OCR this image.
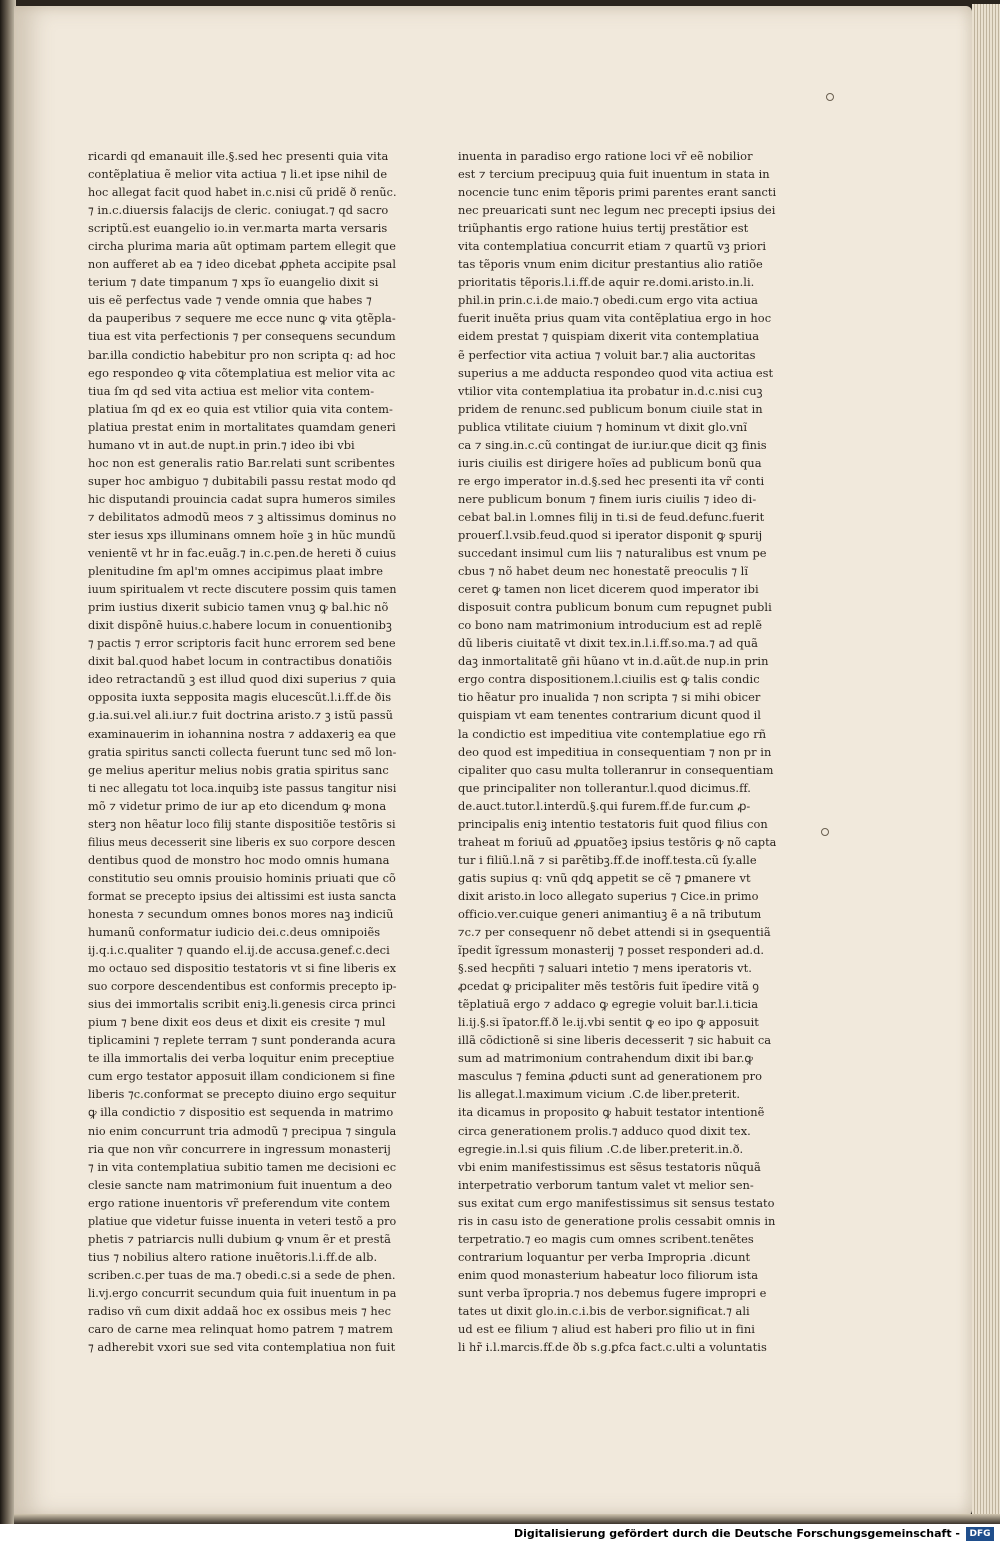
ricardi qd emanauit ille.§.sed hec presenti quia vita
contẽplatiua ẽ melior vita actiua ⁊ li.et ipse nihil de
hoc allegat facit quod habet in.c.nisi cũ pridẽ ð renũc.
⁊ in.c.diuersis falacijs de cleric. coniugat.⁊ qd sacro
scriptũ.est euangelio io.in ver.marta marta versaris
circha plurima maria aũt optimam partem ellegit que
non aufferet ab ea ⁊ ideo dicebat ꝓpheta accipite psal
terium ⁊ date timpanum ⁊ xps ĩo euangelio dixit si
uis eẽ perfectus vade ⁊ vende omnia que habes ⁊
da pauperibus ⁊ sequere me ecce nunc ꝙ vita ꝯtẽpla-
tiua est vita perfectionis ⁊ per consequens secundum
bar.illa condictio habebitur pro non scripta q: ad hoc
ego respondeo ꝙ vita cõtemplatiua est melior vita ac
tiua ſm qd sed vita actiua est melior vita contem-
platiua ſm qd ex eo quia est vtilior quia vita contem-
platiua prestat enim in mortalitates quamdam generi
humano vt in aut.de nupt.in prin.⁊ ideo ibi vbi
hoc non est generalis ratio Bar.relati sunt scribentes
super hoc ambiguo ⁊ dubitabili passu restat modo qd
hic disputandi prouincia cadat supra humeros similes
⁊ debilitatos admodũ meos ⁊ ꝫ altissimus dominus no
ster iesus xps illuminans omnem hoĩe ꝫ in hũc mundũ
venientẽ vt hr in fac.euãg.⁊ in.c.pen.de hereti ð cuius
plenitudine ſm apl'm omnes accipimus plaat imbre
iuum spiritualem vt recte discutere possim quis tamen
prim iustius dixerit subicio tamen vnuꝫ ꝙ bal.hic nõ
dixit dispõnẽ huius.c.habere locum in conuentionibꝫ
⁊ pactis ⁊ error scriptoris facit hunc errorem sed bene
dixit bal.quod habet locum in contractibus donatiõis
ideo retractandũ ꝫ est illud quod dixi superius ⁊ quia
opposita iuxta sepposita magis elucescũt.l.i.ff.de ðis
g.ia.sui.vel ali.iur.⁊ fuit doctrina aristo.⁊ ꝫ istũ passũ
examinauerim in iohannina nostra ⁊ addaxeriꝫ ea que
gratia spiritus sancti collecta fuerunt tunc sed mõ lon-
ge melius aperitur melius nobis gratia spiritus sanc
ti nec allegatu tot loca.inquibꝫ iste passus tangitur nisi
mõ ⁊ videtur primo de iur ap eto dicendum ꝙ mona
sterꝫ non hẽatur loco filij stante dispositiõe testõris si
filius meus decesserit sine liberis ex suo corpore descen
dentibus quod de monstro hoc modo omnis humana
constitutio seu omnis prouisio hominis priuati que cõ
format se precepto ipsius dei altissimi est iusta sancta
honesta ⁊ secundum omnes bonos mores naꝫ indiciũ
humanũ conformatur iudicio dei.c.deus omnipoiẽs
ij.q.i.c.qualiter ⁊ quando el.ij.de accusa.genef.c.deci
mo octauo sed dispositio testatoris vt si fine liberis ex
suo corpore descendentibus est conformis precepto ip-
sius dei immortalis scribit eniꝫ.li.genesis circa princi
pium ⁊ bene dixit eos deus et dixit eis cresite ⁊ mul
tiplicamini ⁊ replete terram ⁊ sunt ponderanda acura
te illa immortalis dei verba loquitur enim preceptiue
cum ergo testator apposuit illam condicionem si fine
liberis ⁊c.conformat se precepto diuino ergo sequitur
ꝙ illa condictio ⁊ dispositio est sequenda in matrimo
nio enim concurrunt tria admodũ ⁊ precipua ⁊ singula
ria que non vñr concurrere in ingressum monasterij
⁊ in vita contemplatiua subitio tamen me decisioni ec
clesie sancte nam matrimonium fuit inuentum a deo
ergo ratione inuentoris vr̃ preferendum vite contem
platiue que videtur fuisse inuenta in veteri testõ a pro
phetis ⁊ patriarcis nulli dubium ꝙ vnum ẽr et prestã
tius ⁊ nobilius altero ratione inuẽtoris.l.i.ff.de alb.
scriben.c.per tuas de ma.⁊ obedi.c.si a sede de phen.
li.vj.ergo concurrit secundum quia fuit inuentum in pa
radiso vñ cum dixit addaã hoc ex ossibus meis ⁊ hec
caro de carne mea relinquat homo patrem ⁊ matrem
⁊ adherebit vxori sue sed vita contemplatiua non fuit
inuenta in paradiso ergo ratione loci vr̃ eẽ nobilior
est ⁊ tercium precipuuꝫ quia fuit inuentum in stata in
nocencie tunc enim tẽporis primi parentes erant sancti
nec preuaricati sunt nec legum nec precepti ipsius dei
triũphantis ergo ratione huius tertij prestãtior est
vita contemplatiua concurrit etiam ⁊ quartũ vꝫ priori
tas tẽporis vnum enim dicitur prestantius alio ratiõe
prioritatis tẽporis.l.i.ff.de aquir re.domi.aristo.in.li.
phil.in prin.c.i.de maio.⁊ obedi.cum ergo vita actiua
fuerit inuẽta prius quam vita contẽplatiua ergo in hoc
eidem prestat ⁊ quispiam dixerit vita contemplatiua
ẽ perfectior vita actiua ⁊ voluit bar.⁊ alia auctoritas
superius a me adducta respondeo quod vita actiua est
vtilior vita contemplatiua ita probatur in.d.c.nisi cuꝫ
pridem de renunc.sed publicum bonum ciuile stat in
publica vtilitate ciuium ⁊ hominum vt dixit glo.vnĩ
ca ⁊ sing.in.c.cũ contingat de iur.iur.que dicit qꝫ finis
iuris ciuilis est dirigere hoĩes ad publicum bonũ qua
re ergo imperator in.d.§.sed hec presenti ita vr̃ conti
nere publicum bonum ⁊ finem iuris ciuilis ⁊ ideo di-
cebat bal.in l.omnes filij in ti.si de feud.defunc.fuerit
prouerſ.l.vsib.feud.quod si iperator disponit ꝙ spurij
succedant insimul cum liis ⁊ naturalibus est vnum pe
cbus ⁊ nõ habet deum nec honestatẽ preoculis ⁊ lĩ
ceret ꝙ tamen non licet dicerem quod imperator ibi
disposuit contra publicum bonum cum repugnet publi
co bono nam matrimonium introducium est ad replẽ
dũ liberis ciuitatẽ vt dixit tex.in.l.i.ff.so.ma.⁊ ad quã
daꝫ inmortalitatẽ gñi hũano vt in.d.aũt.de nup.in prin
ergo contra dispositionem.l.ciuilis est ꝙ talis condic
tio hẽatur pro inualida ⁊ non scripta ⁊ si mihi obicer
quispiam vt eam tenentes contrarium dicunt quod il
la condictio est impeditiua vite contemplatiue ego rñ
deo quod est impeditiua in consequentiam ⁊ non pr in
cipaliter quo casu multa tolleranrur in consequentiam
que principaliter non tollerantur.l.quod dicimus.ff.
de.auct.tutor.l.interdũ.§.qui furem.ff.de fur.cum ꝓ-
principalis eniꝫ intentio testatoris fuit quod filius con
traheat m foriuũ ad ꝓpuatõeꝫ ipsius testõris ꝙ nõ capta
tur i filiũ.l.nã ⁊ si parẽtibꝫ.ff.de inoff.testa.cũ ſy.alle
gatis supius q: vnũ qdꝗ appetit se cẽ ⁊ ꝑmanere vt
dixit aristo.in loco allegato superius ⁊ Cice.in primo
officio.ver.cuique generi animantiuꝫ ẽ a nã tributum
⁊c.⁊ per consequenr nõ debet attendi si in ꝯsequentiã
ĩpedit ĩgressum monasterij ⁊ posset responderi ad.d.
§.sed hecpñti ⁊ saluari intetio ⁊ mens iperatoris vt.
ꝓcedat ꝙ pricipaliter mẽs testõris fuit ĩpedire vitã ꝯ
tẽplatiuã ergo ⁊ addaco ꝙ egregie voluit bar.l.i.ticia
li.ij.§.si ĩpator.ff.ð le.ij.vbi sentit ꝙ eo ipo ꝙ apposuit
illã cõdictionẽ si sine liberis decesserit ⁊ sic habuit ca
sum ad matrimonium contrahendum dixit ibi bar.ꝙ
masculus ⁊ femina ꝓducti sunt ad generationem pro
lis allegat.l.maximum vicium .C.de liber.preterit.
ita dicamus in proposito ꝙ habuit testator intentionẽ
circa generationem prolis.⁊ adduco quod dixit tex.
egregie.in.l.si quis filium .C.de liber.preterit.in.ð.
vbi enim manifestissimus est sẽsus testatoris nũquã
interpetratio verborum tantum valet vt melior sen-
sus exitat cum ergo manifestissimus sit sensus testato
ris in casu isto de generatione prolis cessabit omnis in
terpetratio.⁊ eo magis cum omnes scribent.tenẽtes
contrarium loquantur per verba Impropria .dicunt
enim quod monasterium habeatur loco filiorum ista
sunt verba ĩpropria.⁊ nos debemus fugere impropri e
tates ut dixit glo.in.c.i.bis de verbor.significat.⁊ ali
ud est ee filium ⁊ aliud est haberi pro filio ut in fini
li hr̃ i.l.marcis.ff.de ðb s.g.ꝑfca fact.c.ulti a voluntatis
Digitalisierung gefördert durch die Deutsche Forschungsgemeinschaft -	DFG
